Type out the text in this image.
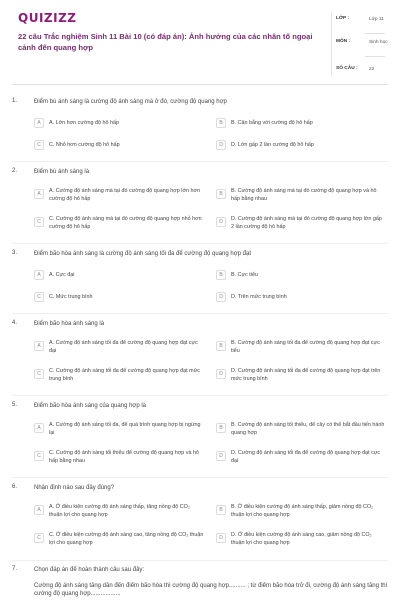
QUIZIZZ
22 câu Trắc nghiệm Sinh 11 Bài 10 (có đáp án): Ảnh hưởng của các nhân tố ngoại cảnh đến quang hợp
LỚP :	Lớp 11
MÔN :	Sinh học
SỐ CÂU : 22
1.	Điểm bù ánh sáng là cường độ ánh sáng mà ở đó, cường độ quang hợp
A	A. Lớn hơn cường độ hô hấp	B	B. Cân bằng với cường độ hô hấp
C	C. Nhỏ hơn cường độ hô hấp	D	D. Lớn gấp 2 lần cường độ hô hấp
2.	Điểm bù ánh sáng là
A	A. Cường độ ánh sáng mà tại đó cường độ quang hợp lớn hơn cường độ hô hấp
B	B. Cường độ ánh sáng mà tại đó cường độ quang hợp và hô hấp bằng nhau
C	C. Cường độ ánh sáng mà tại đó cường độ quang hợp nhỏ hơn cường độ hô hấp
D	D. Cường độ ánh sáng mà tại đó cường độ quang hợp lớn gấp 2 lần cường độ hô hấp
3.	Điểm bão hòa ánh sáng là cường độ ánh sáng tối đa để cường độ quang hợp đạt
A	A. Cực đại	B	B. Cực tiểu
C	C. Mức trung bình	D	D. Trên mức trung bình
4.	Điểm bão hòa ánh sáng là
A	A. Cường độ ánh sáng tối đa để cường độ quang hợp đạt cực đại
B	B. Cường độ ánh sáng tối đa để cường độ quang hợp đạt cực tiểu
C	C. Cường độ ánh sáng tối đa để cường độ quang hợp đạt mức trung bình
D	D. Cường độ ánh sáng tối đa để cường độ quang hợp đạt trên mức trung bình
5.	Điểm bão hòa ánh sáng của quang hợp là
A	A. Cường độ ánh sáng tối đa, để quá trình quang hợp bị ngừng lại
B	B. Cường độ ánh sáng tối thiểu, để cây có thể bắt đầu tiến hành quang hợp
C	C. Cường độ ánh sáng tối thiểu để cường độ quang hợp và hô hấp bằng nhau
D	D. Cường độ ánh sáng tối đa để cường độ quang hợp đạt cực đại
6.	Nhận định nào sau đây đúng?
A	A. Ở điều kiện cường độ ánh sáng thấp, tăng nồng độ CO₂ thuận lợi cho quang hợp
B	B. Ở điều kiện cường độ ánh sáng thấp, giảm nồng độ CO₂ thuận lợi cho quang hợp
C	C. Ở điều kiện cường độ ánh sáng cao, tăng nồng độ CO₂ thuận lợi cho quang hợp
D	D. Ở điều kiện cường độ ánh sáng cao, giảm nồng độ CO₂ thuận lợi cho quang hợp
7.	Chọn đáp án để hoàn thành câu sau đây:
Cường độ ánh sáng tăng dần đến điểm bão hòa thì cường độ quang hợp.......... ; từ điểm bão hòa trở đi, cường độ ánh sáng tăng thì cường độ quang hợp..................
